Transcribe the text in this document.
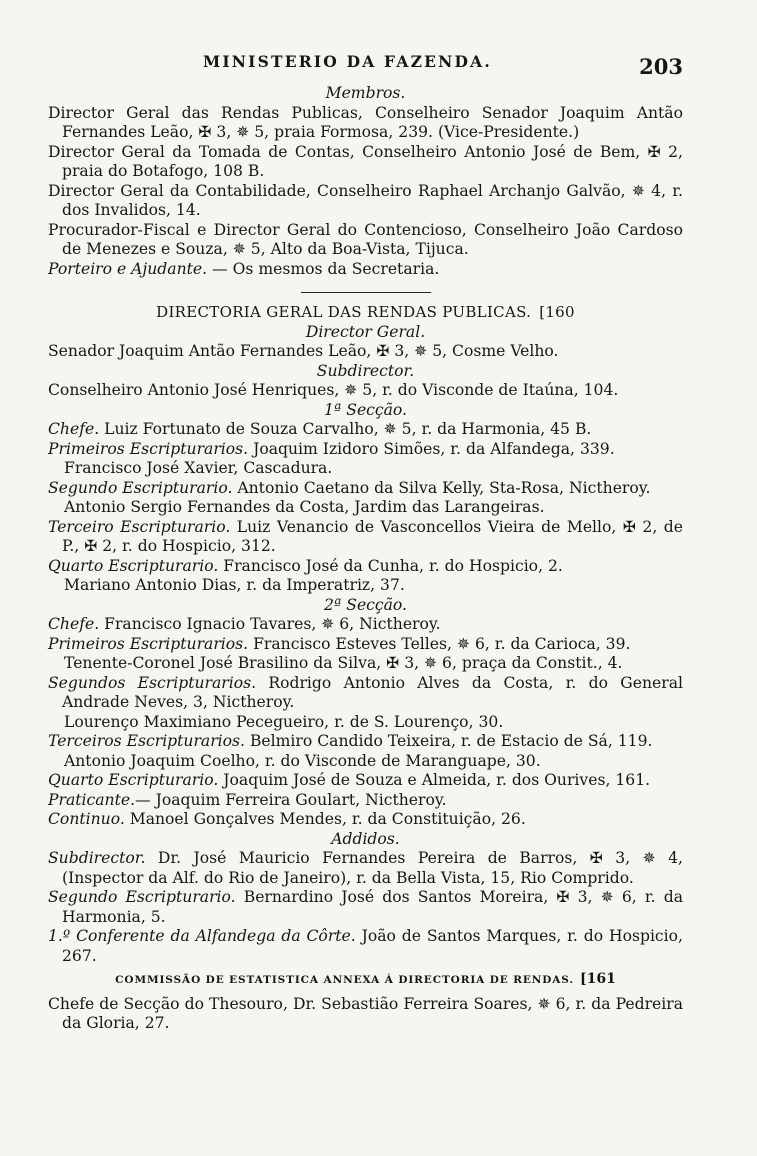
MINISTERIO DA FAZENDA.	203
Membros.

Director Geral das Rendas Publicas, Conselheiro Senador Joaquim Antão Fernandes Leão, ✠ 3, ✵ 5, praia Formosa, 239. (Vice-Presidente.)

Director Geral da Tomada de Contas, Conselheiro Antonio José de Bem, ✠ 2, praia do Botafogo, 108 B.

Director Geral da Contabilidade, Conselheiro Raphael Archanjo Galvão, ✵ 4, r. dos Invalidos, 14.

Procurador-Fiscal e Director Geral do Contencioso, Conselheiro João Cardoso de Menezes e Souza, ✵ 5, Alto da Boa-Vista, Tijuca.

Porteiro e Ajudante. — Os mesmos da Secretaria.

DIRECTORIA GERAL DAS RENDAS PUBLICAS. [160
Director Geral.

Senador Joaquim Antão Fernandes Leão, ✠ 3, ✵ 5, Cosme Velho.

Subdirector.

Conselheiro Antonio José Henriques, ✵ 5, r. do Visconde de Itaúna, 104.

1ª Secção.

Chefe. Luiz Fortunato de Souza Carvalho, ✵ 5, r. da Harmonia, 45 B.

Primeiros Escripturarios. Joaquim Izidoro Simões, r. da Alfandega, 339.

Francisco José Xavier, Cascadura.

Segundo Escripturario. Antonio Caetano da Silva Kelly, Sta-Rosa, Nictheroy.

Antonio Sergio Fernandes da Costa, Jardim das Larangeiras.

Terceiro Escripturario. Luiz Venancio de Vasconcellos Vieira de Mello, ✠ 2, de P., ✠ 2, r. do Hospicio, 312.

Quarto Escripturario. Francisco José da Cunha, r. do Hospicio, 2.

Mariano Antonio Dias, r. da Imperatriz, 37.

2ª Secção.

Chefe. Francisco Ignacio Tavares, ✵ 6, Nictheroy.

Primeiros Escripturarios. Francisco Esteves Telles, ✵ 6, r. da Carioca, 39.

Tenente-Coronel José Brasilino da Silva, ✠ 3, ✵ 6, praça da Constit., 4.

Segundos Escripturarios. Rodrigo Antonio Alves da Costa, r. do General Andrade Neves, 3, Nictheroy.

Lourenço Maximiano Pecegueiro, r. de S. Lourenço, 30.

Terceiros Escripturarios. Belmiro Candido Teixeira, r. de Estacio de Sá, 119.

Antonio Joaquim Coelho, r. do Visconde de Maranguape, 30.

Quarto Escripturario. Joaquim José de Souza e Almeida, r. dos Ourives, 161.

Praticante.— Joaquim Ferreira Goulart, Nictheroy.

Continuo. Manoel Gonçalves Mendes, r. da Constituição, 26.

Addidos.

Subdirector. Dr. José Mauricio Fernandes Pereira de Barros, ✠ 3, ✵ 4, (Inspector da Alf. do Rio de Janeiro), r. da Bella Vista, 15, Rio Comprido.

Segundo Escripturario. Bernardino José dos Santos Moreira, ✠ 3, ✵ 6, r. da Harmonia, 5.

1.º Conferente da Alfandega da Côrte. João de Santos Marques, r. do Hospicio, 267.

COMMISSÃO DE ESTATISTICA ANNEXA Á DIRECTORIA DE RENDAS. [161

Chefe de Secção do Thesouro, Dr. Sebastião Ferreira Soares, ✵ 6, r. da Pedreira da Gloria, 27.
